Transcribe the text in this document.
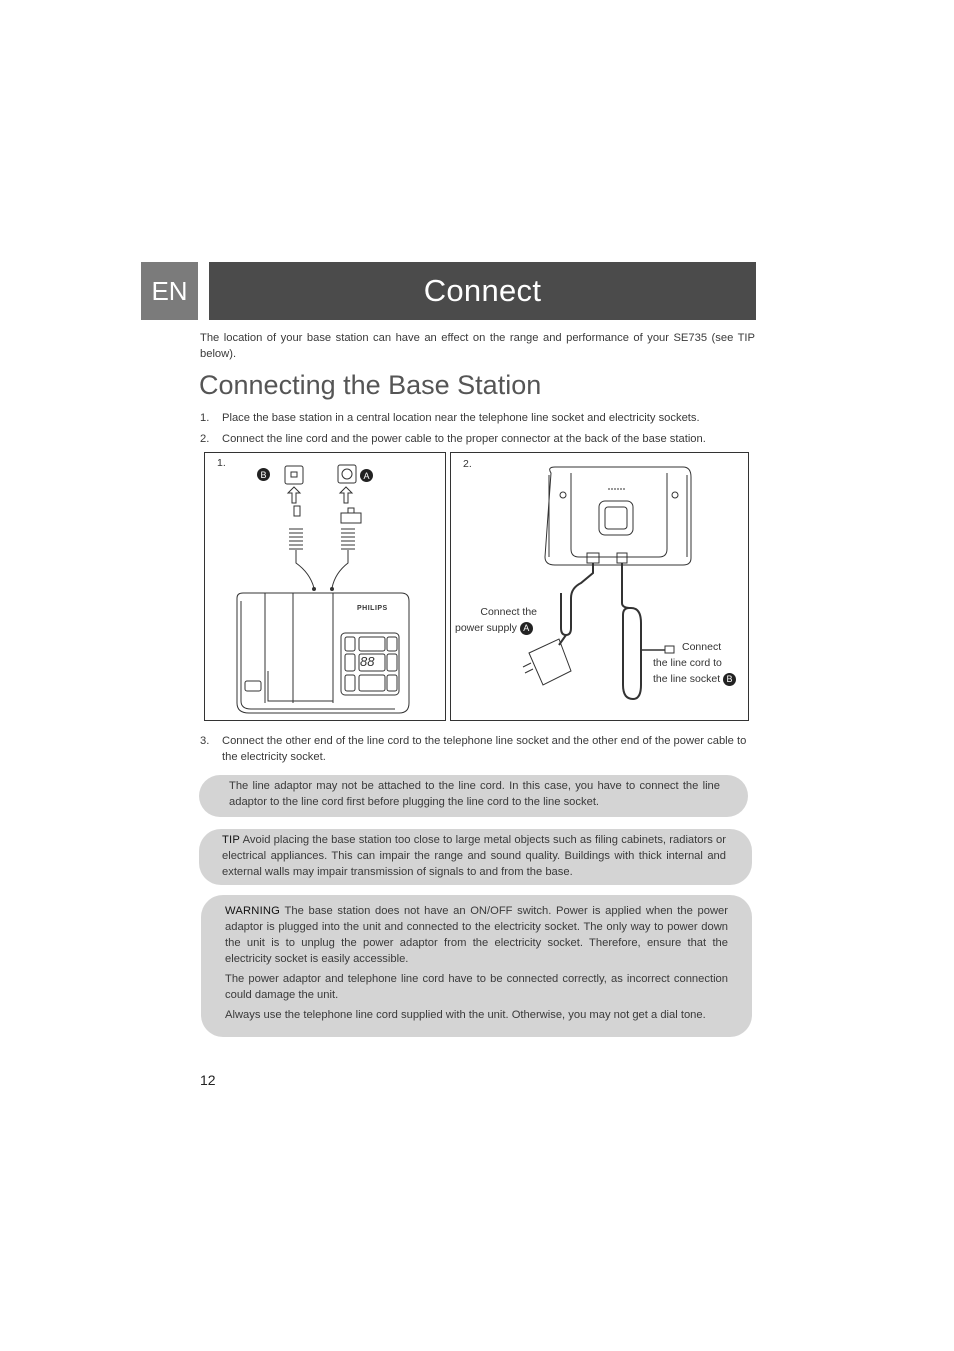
EN	Connect
The location of your base station can have an effect on the range and performance of your SE735 (see TIP below).
Connecting the Base Station
1. Place the base station in a central location near the telephone line socket and electricity sockets.
2. Connect the line cord and the power cable to the proper connector at the back of the base station.
1.
B	A
PHILIPS
88
2.
Connect the
power supply A
Connect
the line cord to
the line socket B
3. Connect the other end of the line cord to the telephone line socket and the other end of the power cable to the electricity socket.
The line adaptor may not be attached to the line cord. In this case, you have to connect the line adaptor to the line cord first before plugging the line cord to the line socket.
TIP Avoid placing the base station too close to large metal objects such as filing cabinets, radiators or electrical appliances. This can impair the range and sound quality. Buildings with thick internal and external walls may impair transmission of signals to and from the base.

WARNING The base station does not have an ON/OFF switch. Power is applied when the power adaptor is plugged into the unit and connected to the electricity socket. The only way to power down the unit is to unplug the power adaptor from the electricity socket. Therefore, ensure that the electricity socket is easily accessible.

The power adaptor and telephone line cord have to be connected correctly, as incorrect connection could damage the unit.

Always use the telephone line cord supplied with the unit. Otherwise, you may not get a dial tone.

12
